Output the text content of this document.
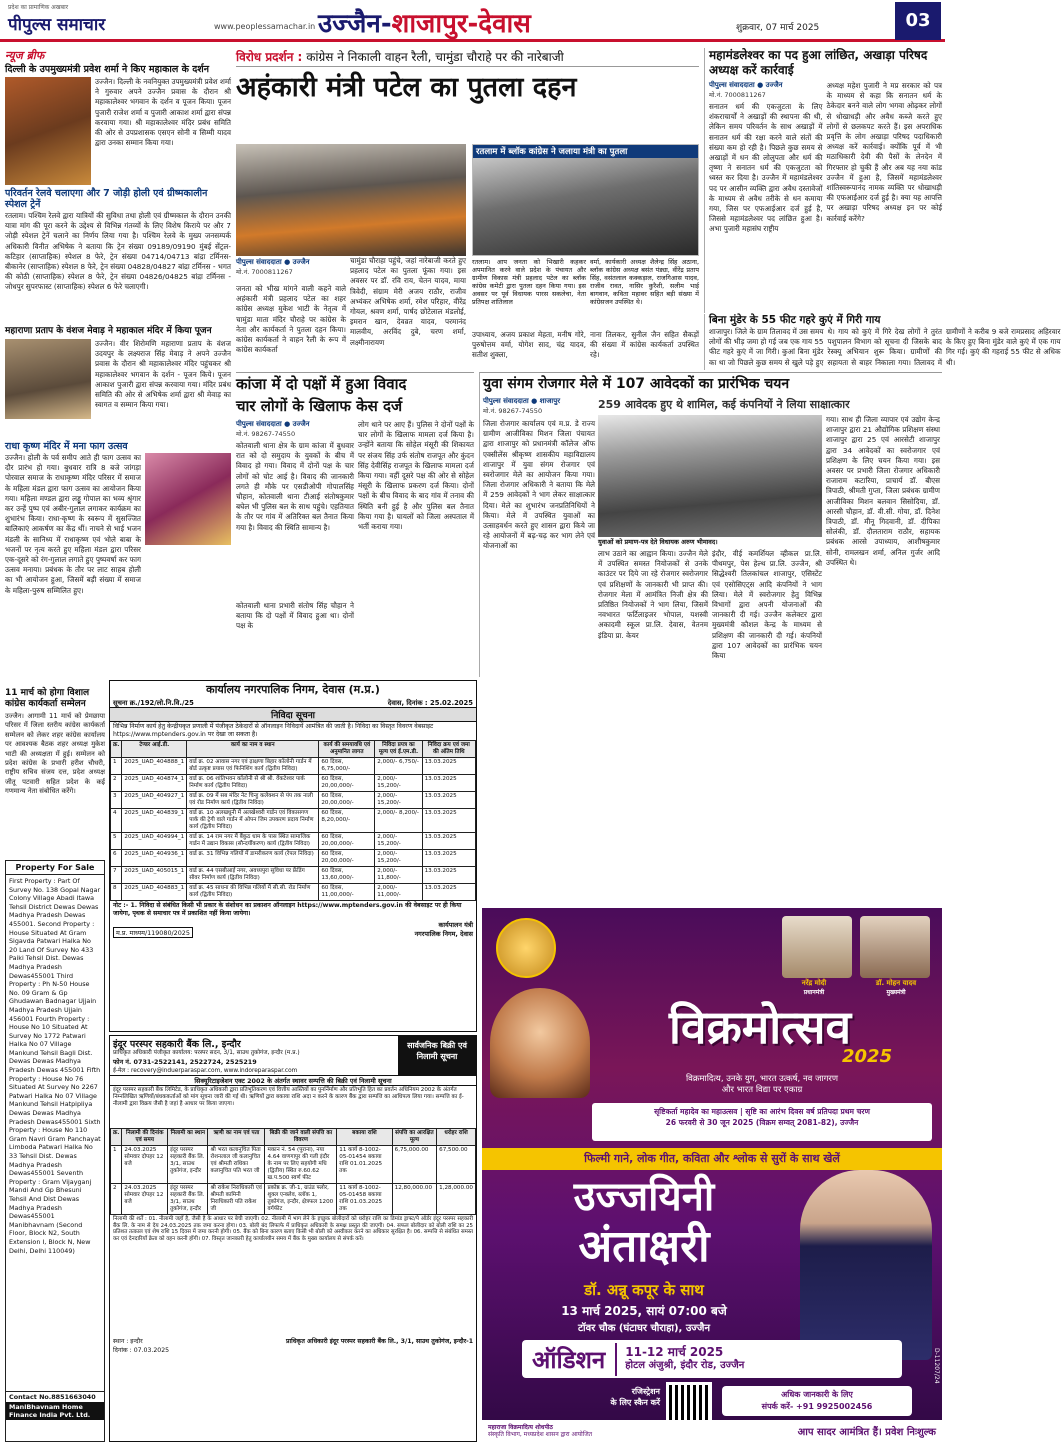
प्रदेश का प्रामाणिक अखबार
पीपुल्स समाचार	www.peoplessamachar.in उज्जैन-शाजापुर-देवास	शुक्रवार, 07 मार्च 2025	03
न्यूज ब्रीफ
दिल्ली के उपमुख्यमंत्री प्रवेश शर्मा ने किए महाकाल के दर्शन
उज्जैन। दिल्ली के नवनियुक्त उपमुख्यमंत्री प्रवेश शर्मा ने गुरुवार अपने उज्जैन प्रवास के दौरान श्री महाकालेश्वर भगवान के दर्शन व पूजन किया। पूजन पुजारी राजेश शर्मा व पुजारी आकाश शर्मा द्वारा संपन्न करवाया गया। श्री महाकालेश्वर मंदिर प्रबंध समिति की ओर से उपप्रशासक एसएन सोनी व सिम्मी यादव द्वारा उनका सम्मान किया गया।
परिवर्तन रेलवे चलाएगा और 7 जोड़ी होली एवं ग्रीष्मकालीन स्पेशल ट्रेनें
रतलाम। पश्चिम रेलवे द्वारा यात्रियों की सुविधा तथा होली एवं ग्रीष्मकाल के दौरान उनकी यात्रा मांग की पूरा करने के उद्देश्य से विभिन्न गंतव्यों के लिए विशेष किराये पर और 7 जोड़ी स्पेशल ट्रेनें चलाने का निर्णय लिया गया है। पश्चिम रेलवे के मुख्य जनसम्पर्क अधिकारी विनीत अभिषेक ने बताया कि ट्रेन संख्या 09189/09190 मुंबई सेंट्रल-कटिहार (साप्ताहिक) स्पेशल 8 फेरे, ट्रेन संख्या 04714/04713 बांद्रा टर्मिनस-बीकानेर (साप्ताहिक) स्पेशल 8 फेरे, ट्रेन संख्या 04828/04827 बांद्रा टर्मिनस - भगत की कोठी (साप्ताहिक) स्पेशल 8 फेरे, ट्रेन संख्या 04826/04825 बांद्रा टर्मिनस - जोधपुर सुपरफास्ट (साप्ताहिक) स्पेशल 6 फेरे चलाएगी।
महाराणा प्रताप के वंशज मेवाड़ ने महाकाल मंदिर में किया पूजन
उज्जैन। वीर शिरोमणि महाराणा प्रताप के वंशज उदयपुर के लक्ष्यराज सिंह मेवाड़ ने अपने उज्जैन प्रवास के दौरान श्री महाकालेश्वर मंदिर पहुंचकर श्री महाकालेश्वर भगवान के दर्शन - पूजन किये। पूजन आकाश पुजारी द्वारा संपन्न करवाया गया। मंदिर प्रबंध समिति की ओर से अभिषेक शर्मा द्वारा श्री मेवाड़ का स्वागत व सम्मान किया गया।
राधा कृष्ण मंदिर में मना फाग उत्सव
उज्जैन। होली के पर्व समीप आते ही फाग उत्सव का दौर प्रारंभ हो गया। बुधवार रात्रि 8 बजे जांगड़ा पोरवाल समाज के राधाकृष्ण मंदिर परिसर में समाज के महिला मंडल द्वारा फाग उत्सव का आयोजन किया गया। महिला मण्डल द्वारा लड्डू गोपाल का भव्य श्रृंगार कर उन्हें पुष्प एवं अबीर-गुलाल लगाकर कार्यक्रम का शुभारंभ किया। राधा-कृष्ण के स्वरूप में सुसज्जित बालिकाएं आकर्षण का केंद्र थीं। नाचने से भाई भजन मंडली के सानिध्य में राधाकृष्ण एवं भोले बाबा के भजनों पर नृत्य करते हुए महिला मंडल द्वारा परिसर एक-दूसरे को रंग-गुलाल लगाते हुए पुष्पवर्षा कर फाग उत्सव मनाया। प्रबंधक के तौर पर लाट साहब होली का भी आयोजन हुआ, जिसमें बड़ी संख्या में समाज के महिला-पुरुष सम्मिलित हुए।
11 मार्च को होगा विशाल कांग्रेस कार्यकर्ता सम्मेलन
उज्जैन। आगामी 11 मार्च को प्रेमछाया परिसर में जिला स्तरीय कांग्रेस कार्यकर्ता सम्मेलन को लेकर शहर कांग्रेस कार्यालय पर आवश्यक बैठक शहर अध्यक्ष मुकेश भाटी की अध्यक्षता में हुई। सम्मेलन को प्रदेश कांग्रेस के प्रभारी हरीश चौधरी, राष्ट्रीय सचिव संजय दत्त, प्रदेश अध्यक्ष जीतू पटवारी सहित प्रदेश के कई गणमान्य नेता संबोधित करेंगे।
Property For Sale
First Property : Part Of Survey No. 138 Gopal Nagar Colony Village Abadi Itawa Tehsil District Dewas Dewas Madhya Pradesh Dewas 455001. Second Property : House Situated At Gram Sigavda Patwari Halka No 20 Land Of Survey No 433 Paiki Tehsil Dist. Dewas Madhya Pradesh Dewas455001 Third Property : Ph N-50 House No. 09 Gram & Gp Ghudawan Badnagar Ujjain Madhya Pradesh Ujjain 456001 Fourth Property : House No 10 Situated At Survey No 1772 Patwari Halka No 07 Village Mankund Tehsil Bagli Dist. Dewas Dewas Madhya Pradesh Dewas 455001 Fifth Property : House No 76 Situated At Survey No 2267 Patwari Halka No 07 Village Mankund Tehsil Hatpipliya Dewas Dewas Madhya Pradesh Dewas455001 Sixth Property : House No 110 Gram Navri Gram Panchayat Limboda Patwari Halka No 33 Tehsil Dist. Dewas Madhya Pradesh Dewas455001 Seventh Property : Gram Vijayganj Mandi And Gp Bhesuni Tehsil And Dist Dewas Madhya Pradesh Dewas455001 Manibhavnam (Second Floor, Block N2, South Extension I, Block N, New Delhi, Delhi 110049)
Contact No.8851663040
ManiBhavnam Home Finance India Pvt. Ltd.
विरोध प्रदर्शन : कांग्रेस ने निकाली वाहन रैली, चामुंडा चौराहे पर की नारेबाजी
अहंकारी मंत्री पटेल का पुतला दहन
पीपुल्स संवाददाता ● उज्जैन
मो.नं. 7000811267
जनता को भीख मांगने वाली कहने वाले अहंकारी मंत्री प्रहलाद पटेल का शहर कांग्रेस अध्यक्ष मुकेश भाटी के नेतृत्व में चामुंडा माता मंदिर चौराहे पर कांग्रेस के नेता और कार्यकर्ता ने पुतला दहन किया। कांग्रेस कार्यकर्ता ने वाहन रैली के रूप में कांग्रेस कार्यकर्ता
चामुंडा चौराहा पहुंचे, जहां नारेबाजी करते हुए प्रहलाद पटेल का पुतला फूंका गया। इस अवसर पर डॉ. रवि राय, चेतन यादव, माया त्रिवेदी, संग्राम मेरी अजय राठौर, राजीव अभ्यंकर अभिषेक शर्मा, रमेश परिहार, वीरेंद्र गोयल, श्रवण शर्मा, पार्षद छोटेलाल मंडलोई, इमरान खान, देवव्रत यादव, परमानंद मालवीय, अरविंद दुबे, चरण शर्मा, लक्ष्मीनारायण
रतलाम में ब्लॉक कांग्रेस ने जलाया मंत्री का पुतला
रतलाम। आप जनता को भिखारी कहकर अपमानित करने वाले प्रदेश के पंचायत और ग्रामीण विकास मंत्री प्रहलाद पटेल का ब्लॉक कांग्रेस कमेटी द्वारा पुतला दहन किया गया। इस अवसर पर पूर्व विधायक पारस सकलेचा, नेता प्रतिपक्ष शांतिलाल
वर्मा, कार्यकारी अध्यक्ष शैलेन्द्र सिंह अठाना, ब्लॉक कांग्रेस अध्यक्ष बसंत पंड्या, वीरेंद्र प्रताप सिंह, वसंतलाल कक्कड़ाल, राजगिआस यादव, राजीव रावत, नासिर कुरैशी, सलीम भाई बागवान, कविता महावर सहित बड़ी संख्या में कांग्रेसजन उपस्थित थे।
उपाध्याय, अजय प्रकाश मेहता, मनीष गोरे, पुरुषोत्तम वर्मा, योगेश साद, चंद्र यादव, सतीश शुक्ला,
नाना तिलकर, सुनील जैन सहित सैकड़ों की संख्या में कांग्रेस कार्यकर्ता उपस्थित रहे।
महामंडलेश्वर का पद हुआ लांछित, अखाड़ा परिषद अध्यक्ष करें कार्रवाई
पीपुल्स संवाददाता ● उज्जैन
मो.नं. 7000811267
सनातन धर्म की एकजुटता के लिए शंकराचार्यों ने अखाड़ों की स्थापना की थी, लेकिन समय परिवर्तन के साथ अखाड़ों में सनातन धर्म की रक्षा करने वाले संतों की संख्या कम हो रही है। पिछले कुछ समय से अखाड़ों में धन की लोलुपता और धर्म की तृष्णा ने सनातन धर्म की एकजुटता को ध्वस्त कर दिया है। उज्जैन में महामंडलेश्वर पद पर आसीन व्यक्ति द्वारा अवैध दस्तावेजों के माध्यम से अवैध तरीके से धन कमाया गया, जिस पर एफआईआर दर्ज हुई है, जिससे महामंडलेश्वर पद लांछित हुआ है। अभा पुजारी महासंघ राष्ट्रीय
अध्यक्ष महेश पुजारी ने मप्र सरकार को पत्र के माध्यम से कहा कि सनातन धर्म के ठेकेदार बनने वाले लोग भगवा ओढ़कर लोगों से धोखाधड़ी और अवैध कब्जे करते हुए लोगों से छलकपट करते हैं। इस अपराधिक प्रवृत्ति के लोग अखाड़ा परिषद पदाधिकारी अध्यक्ष करें कार्रवाई। क्योंकि पूर्व में भी मठाधिकारी देवी की पैसों के लेनदेन में गिरफ्तार हो चुकी हैं और अब यह नया कांड उज्जैन में हुआ है, जिसमें महामंडलेश्वर शांतिस्वरूपानंद नामक व्यक्ति पर धोखाधड़ी की एफआईआर दर्ज हुई है। क्या यह आपत्ति पर अखाड़ा परिषद अध्यक्ष इन पर कोई कार्रवाई करेंगे?
बिना मुंडेर के 55 फीट गहरे कुएं में गिरी गाय
शाजापुर। जिले के ग्राम तिलावद में उस समय लोगों की भीड़ जमा हो गई जब एक गाय 55 फीट गहरे कुएं में जा गिरी। कुआं बिना मुंडेर का था जो पिछले कुछ समय से खुले पड़े हुए थे। गाय को कुएं में गिरे देख लोगों ने तुरंत पशुपालन विभाग को सूचना दी जिसके बाद रेस्क्यू अभियान शुरू किया। ग्रामीणों की सहायता से बाहर निकाला गया। तिलावद में ग्रामीणों ने करीब 9 बजे रामप्रसाद अहिरवार के किए हुए बिना मुंडेर वाले कुएं में एक गाय गिर गई। कुएं की गहराई 55 फीट से अधिक थी।
कांजा में दो पक्षों में हुआ विवाद
चार लोगों के खिलाफ केस दर्ज
पीपुल्स संवाददाता ● उज्जैन
मो.नं. 98267-74550
कोतवाली थाना क्षेत्र के ग्राम कांजा में बुधवार रात को दो समुदाय के युवकों के बीच में विवाद हो गया। विवाद में दोनों पक्ष के चार लोगों को चोट आई है। विवाद की जानकारी लगते ही मौके पर एसडीओपी गोपालसिंह चौहान, कोतवाली थाना टीआई संतोषकुमार बघेल भी पुलिस बल के साथ पहुंचे। एहतियात के तौर पर गांव में अतिरिक्त बल तैनात किया गया है। विवाद की स्थिति सामान्य है।
कोतवाली थाना प्रभारी संतोष सिंह चौहान ने बताया कि दो पक्षों में विवाद हुआ था। दोनों पक्ष के
लोग थाने पर आए हैं। पुलिस ने दोनों पक्षों के चार लोगों के खिलाफ मामला दर्ज किया है। उन्होंने बताया कि सोहेल मंसूरी की शिकायत पर संजय सिंह उर्फ संतोष राजपूत और कुंदन सिंह देवीसिंह राजपूत के खिलाफ मामला दर्ज किया गया। वहीं दूसरे पक्ष की ओर से सोहेल मंसूरी के खिलाफ प्रकरण दर्ज किया। दोनों पक्षों के बीच विवाद के बाद गांव में तनाव की स्थिति बनी हुई है और पुलिस बल तैनात किया गया है। घायलों को जिला अस्पताल में भर्ती कराया गया।
युवा संगम रोजगार मेले में 107 आवेदकों का प्रारंभिक चयन
पीपुल्स संवाददाता ● शाजापुर
मो.नं. 98267-74550	259 आवेदक हुए थे शामिल, कई कंपनियों ने लिया साक्षात्कार
जिला रोजगार कार्यालय एवं म.प्र. डे राज्य ग्रामीण आजीविका मिशन जिला पंचायत द्वारा शाजापुर को प्रधानमंत्री कॉलेज ऑफ एक्सीलेंस श्रीकृष्ण शासकीय महाविद्यालय शाजापुर में युवा संगम रोजगार एवं स्वरोजगार मेले का आयोजन किया गया। जिला रोजगार अधिकारी ने बताया कि मेले में 259 आवेदकों ने भाग लेकर साक्षात्कार दिया। मेले का शुभारंभ जनप्रतिनिधियों ने किया। मेले में उपस्थित युवाओं का उत्साहवर्धन करते हुए शासन द्वारा किये जा रहे आयोजनों में बढ़-चढ़ कर भाग लेने एवं योजनाओं का	युवाओं को प्रमाण-पत्र देते विधायक अरुण भीमावद।
लाभ उठाने का आह्वान किया। उज्जैन मेले में उपस्थित समस्त नियोजकों से उनके काउंटर पर दिये जा रहे रोजगार स्वरोजगार एवं प्रशिक्षणों के जानकारी भी प्राप्त की। रोजगार मेला में आमंत्रित निजी क्षेत्र की प्रतिष्ठित नियोजकों ने भाग लिया, जिसमें नवभारत फर्टिलाइजर भोपाल, यशस्वी अकादमी स्कूल प्रा.लि. देवास, वेतनम इंडिया प्रा. केयर
इंदौर, वीई कमर्शियल व्हीकल प्रा.लि. पीथमपुर, पेस हेल्थ प्रा.लि. उज्जैन, श्री सिद्धेश्वरी तिलकांचल शाजापुर, एसिस्टेंट एवं एसोसिएट्स आदि कंपनियों ने भाग लिया। मेले में स्वरोजगार हेतु विभिन्न विभागों द्वारा अपनी योजनाओं की जानकारी दी गई। उज्जैन कलेक्टर द्वारा मुख्यमंत्री कौशल केन्द्र के माध्यम से प्रशिक्षण की जानकारी दी गई। कंपनियों द्वारा 107 आवेदकों का प्रारंभिक चयन किया
गया। साथ ही जिला व्यापार एवं उद्योग केन्द्र शाजापुर द्वारा 21 औद्योगिक प्रशिक्षण संस्था शाजापुर द्वारा 25 एवं आरसेटी शाजापुर द्वारा 34 आवेदकों का स्वरोजगार एवं प्रशिक्षण के लिए चयन किया गया। इस अवसर पर प्रभारी जिला रोजगार अधिकारी राजाराम कटारिया, प्राचार्य डॉ. बीएस त्रिपाठी, श्रीमती गुप्ता, जिला प्रबंधक ग्रामीण आजीविका मिशन बलवान सिसोदिया, डॉ. आरसी चौहान, डॉ. वी.सी. गोया, डॉ. दिनेश त्रिपाठी, डॉ. मीनू गिदवानी, डॉ. दीपिका सोलंकी, डॉ. दौलताराम राठौर, सहायक प्रबंधक आरसे उपाध्याय, आशीषकुमार सोनी, रामलखन शर्मा, अनिल गुर्जर आदि उपस्थित थे।
कार्यालय नगरपालिक निगम, देवास (म.प्र.)
सूचना क्र./192/लो.नि.वि./25	देवास, दिनांक : 25.02.2025
निविदा सूचना
विभिन्न निर्माण कार्य हेतु केन्द्रीयकृत प्रणाली में पंजीकृत ठेकेदारों से ऑनलाइन निविदायें आमंत्रित की जाती है। निविदा का विस्तृत विवरण वेबसाइट https://www.mptenders.gov.in पर देखा जा सकता है।
क्र.	टेण्डर आई.डी.	कार्य का नाम व स्थान	कार्य की समयावधि एवं अनुमानित लागत	निविदा प्रपत्र का मूल्य एवं ई.एम.डी.	निविदा क्रय एवं जमा की अंतिम तिथि
1	2025_UAD_404888_1	वार्ड क्र. 02 आवास नगर एवं ढ़ाक्षणा बिहार कॉलोनी गार्डन में बोर्ड उत्कृष्ट प्रयास एवं फिनिशिंग कार्य (द्वितीय निविदा)	60 दिवस, 6,75,000/-	2,000/- 6,750/-	13.03.2025
2	2025_UAD_404874_1	वार्ड क्र. 06 शांतिभवन कॉलोनी से श्री श्री. वेंकटेश्वर पार्क निर्माण कार्य (द्वितीय निविदा)	60 दिवस, 20,00,000/-	2,000/- 15,200/-	13.03.2025
3	2025_UAD_404927_1	वार्ड क्र. 09 में सब मंदिर नेट चिन्हु कलेक्शन से पंप तक नाली एवं रोड निर्माण कार्य (द्वितीय निविदा)	60 दिवस, 20,00,000/-	2,000/- 15,200/-	13.03.2025
4	2025_UAD_404839_1	वार्ड क्र. 10 अलखधुनी में अलखेश्वरी गार्डन एवं विकासगण पार्क की ट्रेगी वाले गार्डन में ओपन जिम उपकरण प्रदाय निर्माण कार्य (द्वितीय निविदा)	60 दिवस, 8,20,000/-	2,000/- 8,200/-	13.03.2025
5	2025_UAD_404994_1	वार्ड क्र. 14 राम नगर में बैंकुठ धाम के पास स्थित सामाजिक गार्डन में उद्यान विकास (सौन्दर्यीकरण) कार्य (द्वितीय निविदा)	60 दिवस, 20,00,000/-	2,000/- 15,200/-	13.03.2025
6	2025_UAD_404936_1	वार्ड क्र. 31 विभिन्न गलियों में डामरीकरण कार्य (रेपल निविदा)	60 दिवस, 20,00,000/-	2,000/- 15,200/-	13.03.2025
7	2025_UAD_405015_1	वार्ड क्र. 44 एसबीआई नगर, अवध्यपुरा सुविधा पर फ्रेंडिंग सीवर निर्माण कार्य (द्वितीय निविदा)	60 दिवस, 13,60,000/-	2,000/- 11,800/-	13.03.2025
8	2025_UAD_404883_1	वार्ड क्र. 45 साधना की विभिन्न गलियों में सी.सी. रोड निर्माण कार्य (द्वितीय निविदा)	60 दिवस, 11,00,000/-	2,000/- 11,000/-	13.03.2025
नोट :- 1. निविदा से संबंधित किसी भी प्रकार के संशोधन का प्रकाशन ऑनलाइन https://www.mptenders.gov.in की वेबसाइट पर ही किया जायेगा, पृथक से समाचार पत्र में प्रकाशित नहीं किया जायेगा।
म.प्र. माध्यम/119080/2025
कार्यपालन यंत्री
नगरपालिक निगम, देवास
इंदूर परस्पर सहकारी बैंक लि., इन्दौर
प्राधिकृत अधिकारी पंजीकृत कार्यालय: परस्पर सदन, 3/1, साउथ तुकोगंज, इन्दौर (म.प्र.)
फोन नं. 0731-2522141, 2522724, 2525219
ई-मेल : recovery@induerparaspar.com, www.indoreparaspar.com
सार्वजनिक बिक्री एवं निलामी सूचना
सिक्यूरिटाइजेशन एक्ट 2002 के अंतर्गत स्थावर सम्पत्ति की बिक्री एवं निलामी सूचना
इंदूर परस्पर सहकारी बैंक लिमिटेड, के प्राधिकृत अधिकारी द्वारा प्रतिभूतिकरण एवं वित्तीय आस्तियों का पुनर्निर्माण और प्रतिभूति हित का प्रवर्तन अधिनियम 2002 के अंतर्गत निम्नलिखित ऋणियों/बंधककर्ताओं को मांग सूचना जारी की गई थी। ऋणियों द्वारा बकाया राशि अदा न करने के कारण बैंक द्वारा सम्पत्ति का आधिपत्य लिया गया। सम्पत्ति का ई-नीलामी द्वारा विक्रय जैसी है जहां है आधार पर किया जाएगा।
क्र.	निलामी की दिनांक एवं समय	निलामी का स्थान	ऋणी का नाम एवं पता	बिक्री की जाने वाली संपत्ति का विवरण	बकाया राशि	संपत्ति का आरक्षित मूल्य	धरोहर राशि
1	24.03.2025 सोमवार दोपहर 12 बजे	इंदूर परस्पर सहकारी बैंक लि. 3/1, साउथ तुकोगंज, इन्दौर	श्री भरत कलानुचित पिता रोशनलाल जी कलानुचित एवं श्रीमती राधिका कलानुचित पति भरत जी	मकान नं. 54 (पुराना), नया 4.64 वाणगापुर की गली इंदौर के नाम पर लिए सहयोगी मधि (द्वितीय) स्थित रु.60.62 ख.प.500 स्वर्ण फीट	11 कार्य 8-1002-05-01454 बकाया राशि 01.01.2025 तक	6,75,000.00	67,500.00
2	24.03.2025 सोमवार दोपहर 12 बजे	इंदूर परस्पर सहकारी बैंक लि. 3/1, साउथ तुकोगंज, इन्दौर	श्री राकेश निराधिकारी एवं श्रीमती कामिनी निराधिकारी पति राकेश जी	प्रकोष्ठ क्र. जी-1, ग्राउंड फ्लोर, शुक्ल एन्क्लेव, ब्लॉक 1, तुकोगंज, इन्दौर, क्षेत्रफल 1200 वर्गफीट	11 कार्य 8-1002-05-01458 बकाया राशि 01.03.2025 तक	12,80,000.00	1,28,000.00
निलामी की शर्तें : 01. नीलामी जहाँ है, जैसी है के आधार पर बेची जाएगी। 02. नीलामी में भाग लेने के इच्छुक बोलीदारों को धरोहर राशि का डिमांड ड्राफ्ट/पे ऑर्डर इंदूर परस्पर सहकारी बैंक लि. के नाम से देय 24.03.2025 तक जमा करना होगा। 03. बोली बंद लिफाफे में प्राधिकृत अधिकारी के समक्ष प्रस्तुत की जाएगी। 04. सफल बोलीदार को बोली राशि का 25 प्रतिशत तत्काल एवं शेष राशि 15 दिवस में जमा करनी होगी। 05. बैंक को बिना कारण बताए किसी भी बोली को अस्वीकार करने का अधिकार सुरक्षित है। 06. सम्पत्ति से संबंधित समस्त कर एवं देनदारियाँ क्रेता को वहन करनी होंगी। 07. विस्तृत जानकारी हेतु कार्यालयीन समय में बैंक के मुख्य कार्यालय से संपर्क करें।
स्थान : इन्दौर
दिनांक : 07.03.2025
प्राधिकृत अधिकारी इंदूर परस्पर सहकारी बैंक लि., 3/1, साउथ तुकोगंज, इन्दौर-1
नरेंद्र मोदी
प्रधानमंत्री
डॉ. मोहन यादव
मुख्यमंत्री
विक्रमोत्सव
2025
विक्रमादित्य, उनके युग, भारत उत्कर्ष, नव जागरण
और भारत विद्या पर एकाग्र
सृष्टिकर्ता महादेव का महाउत्सव | सृष्टि का आरंभ दिवस वर्ष प्रतिपदा प्रथम चरण
26 फरवरी से 30 जून 2025 (विक्रम सम्वत् 2081-82), उज्जैन
फिल्मी गाने, लोक गीत, कविता और श्लोक से सुरों के साथ खेलें
उज्जयिनी
अंताक्षरी
डॉ. अन्नू कपूर के साथ
13 मार्च 2025, सायं 07:00 बजे
टॉवर चौक (घंटाघर चौराहा), उज्जैन
ऑडिशन	11-12 मार्च 2025
होटल अंजुश्री, इंदौर रोड, उज्जैन
रजिस्ट्रेशन
के लिए स्कैन करें
अधिक जानकारी के लिए
संपर्क करें- +91 9925002456
महाराजा विक्रमादित्य शोधपीठ
संस्कृति विभाग, मध्यप्रदेश शासन द्वारा आयोजित	आप सादर आमंत्रित हैं। प्रवेश निःशुल्क
D-11207/24
